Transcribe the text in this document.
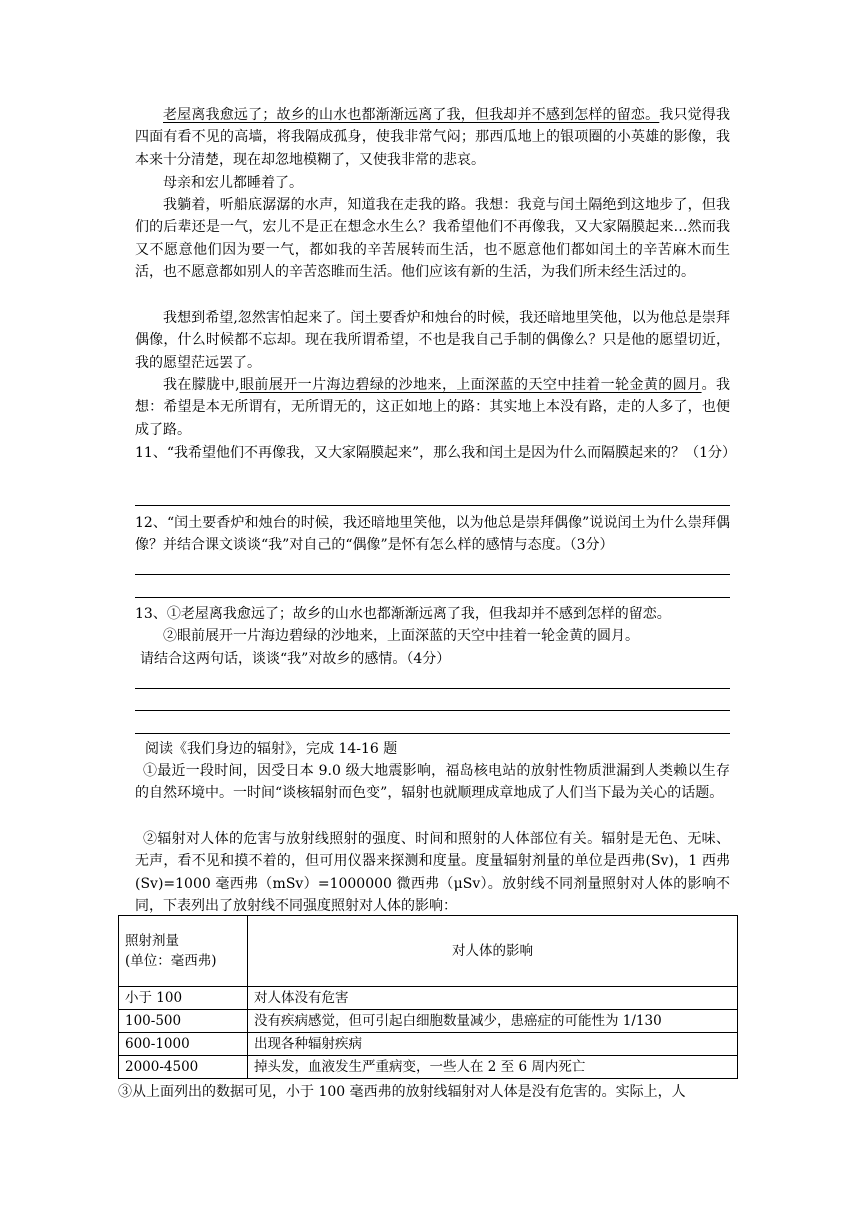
老屋离我愈远了；故乡的山水也都渐渐远离了我，但我却并不感到怎样的留恋。我只觉得我四面有看不见的高墙，将我隔成孤身，使我非常气闷；那西瓜地上的银项圈的小英雄的影像，我本来十分清楚，现在却忽地模糊了，又使我非常的悲哀。

母亲和宏儿都睡着了。

我躺着，听船底潺潺的水声，知道我在走我的路。我想：我竟与闰土隔绝到这地步了，但我们的后辈还是一气，宏儿不是正在想念水生么？我希望他们不再像我，又大家隔膜起来…然而我又不愿意他们因为要一气，都如我的辛苦展转而生活，也不愿意他们都如闰土的辛苦麻木而生活，也不愿意都如别人的辛苦恣睢而生活。他们应该有新的生活，为我们所未经生活过的。

我想到希望,忽然害怕起来了。闰土要香炉和烛台的时候，我还暗地里笑他，以为他总是崇拜偶像，什么时候都不忘却。现在我所谓希望，不也是我自己手制的偶像么？只是他的愿望切近，我的愿望茫远罢了。

我在朦胧中,眼前展开一片海边碧绿的沙地来，上面深蓝的天空中挂着一轮金黄的圆月。我想：希望是本无所谓有，无所谓无的，这正如地上的路：其实地上本没有路，走的人多了，也便成了路。

11、“我希望他们不再像我，又大家隔膜起来”，那么我和闰土是因为什么而隔膜起来的？（1分）

12、“闰土要香炉和烛台的时候，我还暗地里笑他，以为他总是崇拜偶像”说说闰土为什么崇拜偶像？并结合课文谈谈“我”对自己的“偶像”是怀有怎么样的感情与态度。（3分）

13、①老屋离我愈远了；故乡的山水也都渐渐远离了我，但我却并不感到怎样的留恋。

②眼前展开一片海边碧绿的沙地来，上面深蓝的天空中挂着一轮金黄的圆月。

请结合这两句话，谈谈“我”对故乡的感情。（4分）

阅读《我们身边的辐射》，完成 14-16 题

①最近一段时间，因受日本 9.0 级大地震影响，福岛核电站的放射性物质泄漏到人类赖以生存的自然环境中。一时间“谈核辐射而色变”，辐射也就顺理成章地成了人们当下最为关心的话题。

②辐射对人体的危害与放射线照射的强度、时间和照射的人体部位有关。辐射是无色、无味、无声，看不见和摸不着的，但可用仪器来探测和度量。度量辐射剂量的单位是西弗(Sv)，1 西弗(Sv)=1000 毫西弗（mSv）=1000000 微西弗（μSv）。放射线不同剂量照射对人体的影响不同，下表列出了放射线不同强度照射对人体的影响：

照射剂量
(单位：毫西弗)	对人体的影响
小于 100	对人体没有危害
100-500	没有疾病感觉，但可引起白细胞数量减少，患癌症的可能性为 1/130
600-1000	出现各种辐射疾病
2000-4500	掉头发，血液发生严重病变，一些人在 2 至 6 周内死亡

③从上面列出的数据可见，小于 100 毫西弗的放射线辐射对人体是没有危害的。实际上，人
